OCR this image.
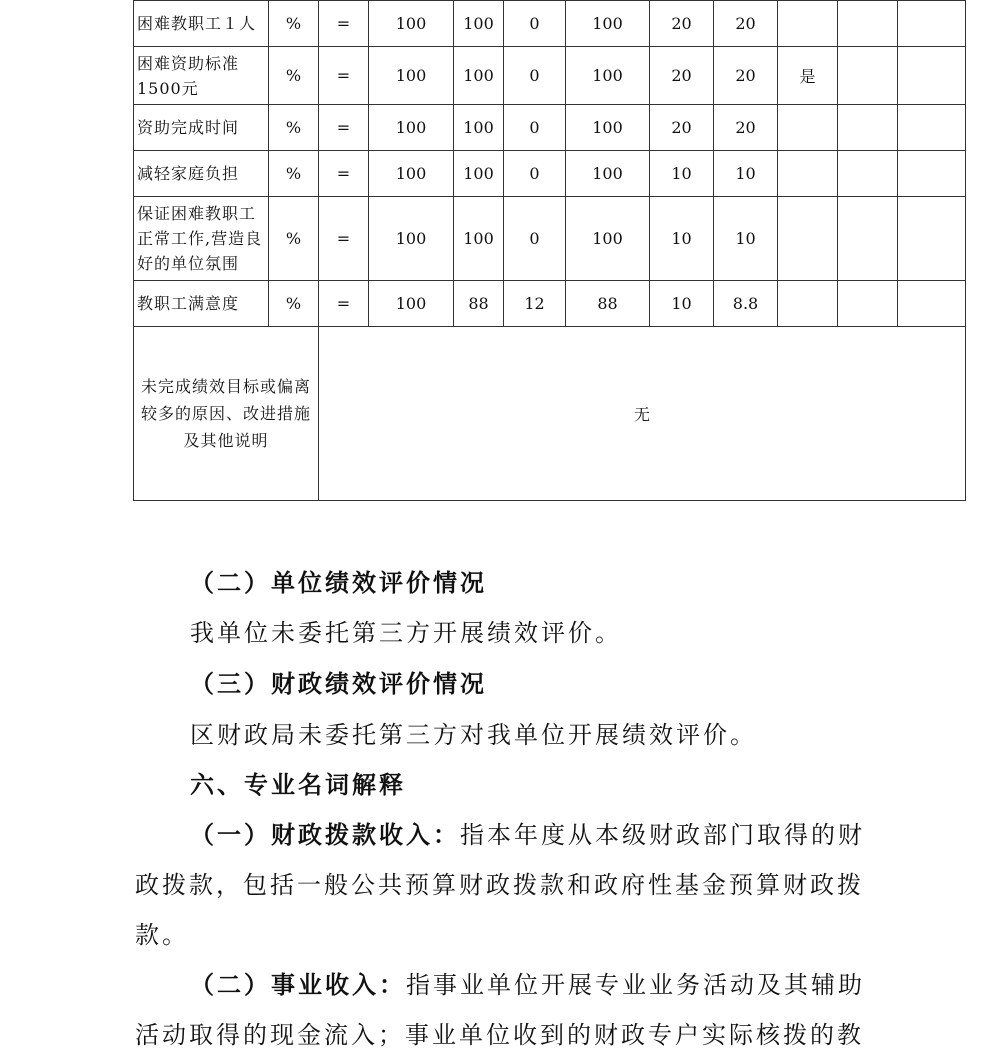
困难教职工１人	%	=	100	100	0	100	20	20			
困难资助标准1500元	%	=	100	100	0	100	20	20	是		
资助完成时间	%	=	100	100	0	100	20	20			
减轻家庭负担	%	=	100	100	0	100	10	10			
保证困难教职工正常工作,营造良好的单位氛围	%	=	100	100	0	100	10	10			
教职工满意度	%	=	100	88	12	88	10	8.8			
未完成绩效目标或偏离较多的原因、改进措施及其他说明		无									

（二）单位绩效评价情况

我单位未委托第三方开展绩效评价。

（三）财政绩效评价情况

区财政局未委托第三方对我单位开展绩效评价。

六、专业名词解释

（一）财政拨款收入：指本年度从本级财政部门取得的财政拨款，包括一般公共预算财政拨款和政府性基金预算财政拨款。

（二）事业收入：指事业单位开展专业业务活动及其辅助活动取得的现金流入；事业单位收到的财政专户实际核拨的教
